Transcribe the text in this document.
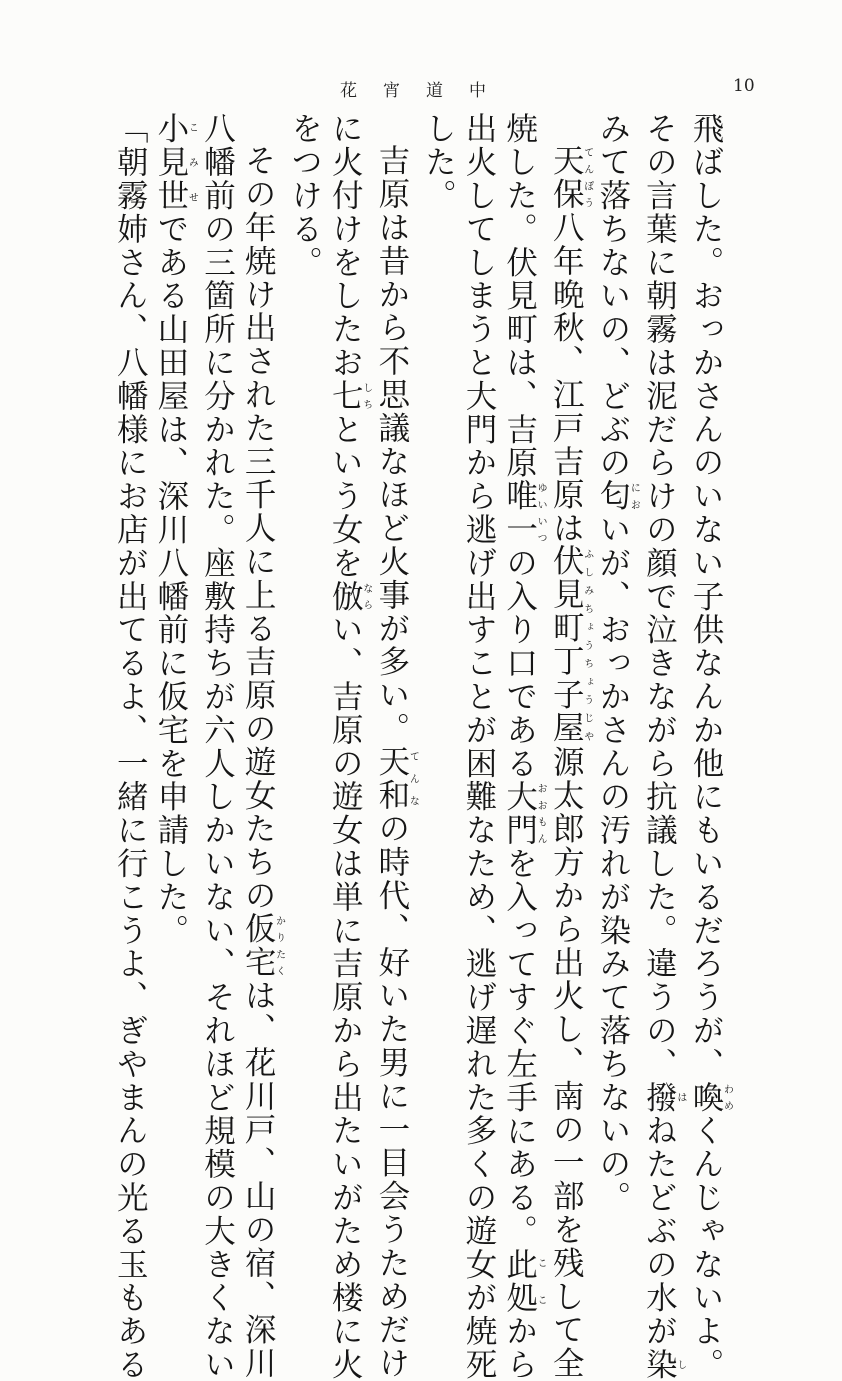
花宵道中	10

飛ばした。おっかさんのいない子供なんか他にもいるだろうが、喚わめくんじゃないよ。
その言葉に朝霧は泥だらけの顔で泣きながら抗議した。違うの、撥はねたどぶの水が染し
みて落ちないの、どぶの匂においが、おっかさんの汚れが染みて落ちないの。

天保てんぽう八年晩秋、江戸吉原は伏見町丁子屋ふしみちょうちょうじや源太郎方から出火し、南の一部を残して全
焼した。伏見町は、吉原唯一ゆいいつの入り口である大門おおもんを入ってすぐ左手にある。此処ここから
出火してしまうと大門から逃げ出すことが困難なため、逃げ遅れた多くの遊女が焼死
した。

吉原は昔から不思議なほど火事が多い。天和てんなの時代、好いた男に一目会うためだけ
に火付けをしたお七しちという女を倣ならい、吉原の遊女は単に吉原から出たいがため楼に火
をつける。

その年焼け出された三千人に上る吉原の遊女たちの仮宅かりたくは、花川戸、山の宿、深川
八幡前の三箇所に分かれた。座敷持ちが六人しかいない、それほど規模の大きくない
小見世こみせである山田屋は、深川八幡前に仮宅を申請した。

「朝霧姉さん、八幡様にお店が出てるよ、一緒に行こうよ、ぎやまんの光る玉もある
